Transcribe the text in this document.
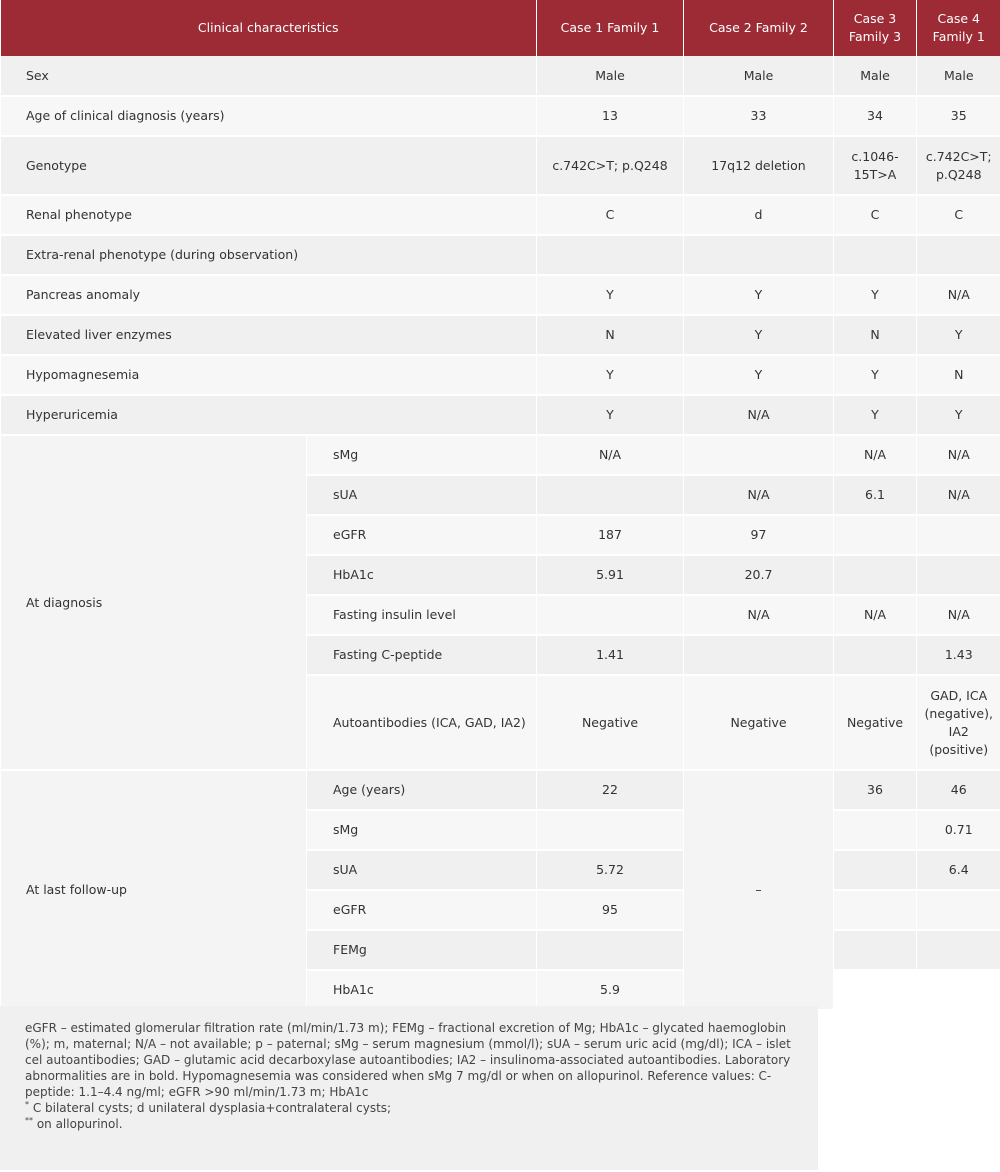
Clinical characteristics		Case 1 Family 1	Case 2 Family 2	Case 3 Family 3	Case 4 Family 1
Sex		Male	Male	Male	Male
Age of clinical diagnosis (years)		13	33	34	35
Genotype		c.742C>T; p.Q248	17q12 deletion	c.1046-15T>A	c.742C>T; p.Q248
Renal phenotype		C	d	C	C
Extra-renal phenotype (during observation)					
Pancreas anomaly		Y	Y	Y	N/A
Elevated liver enzymes		N	Y	N	Y
Hypomagnesemia		Y	Y	Y	N
Hyperuricemia		Y	N/A	Y	Y
At diagnosis	sMg	N/A		N/A	N/A
	sUA		N/A	6.1	N/A
	eGFR	187	97		
	HbA1c	5.91	20.7		
	Fasting insulin level		N/A	N/A	N/A
	Fasting C-peptide	1.41			1.43
	Autoantibodies (ICA, GAD, IA2)	Negative	Negative	Negative	GAD, ICA (negative), IA2 (positive)
At last follow-up	Age (years)	22	–	36	46
	sMg				0.71
	sUA	5.72			6.4
	eGFR	95			
	FEMg				
	HbA1c	5.9			

eGFR – estimated glomerular filtration rate (ml/min/1.73 m); FEMg – fractional excretion of Mg; HbA1c – glycated haemoglobin (%); m, maternal; N/A – not available; p – paternal; sMg – serum magnesium (mmol/l); sUA – serum uric acid (mg/dl); ICA – islet cel autoantibodies; GAD – glutamic acid decarboxylase autoantibodies; IA2 – insulinoma-associated autoantibodies. Laboratory abnormalities are in bold. Hypomagnesemia was considered when sMg 7 mg/dl or when on allopurinol. Reference values: C-peptide: 1.1–4.4 ng/ml; eGFR >90 ml/min/1.73 m; HbA1c

* C bilateral cysts; d unilateral dysplasia+contralateral cysts;

** on allopurinol.
